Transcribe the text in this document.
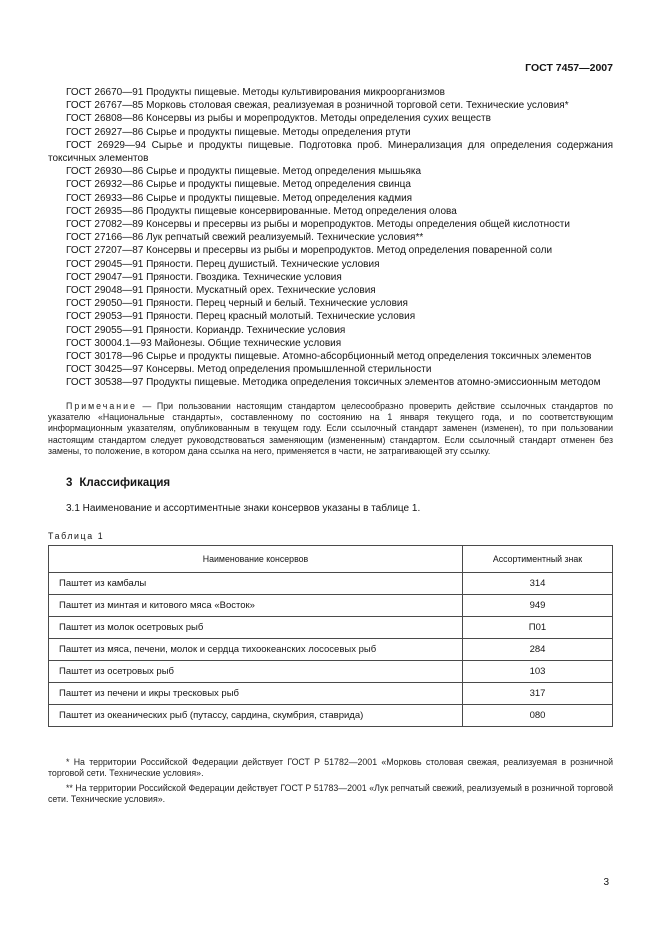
ГОСТ 7457—2007

ГОСТ 26670—91 Продукты пищевые. Методы культивирования микроорганизмов

ГОСТ 26767—85 Морковь столовая свежая, реализуемая в розничной торговой сети. Технические условия*

ГОСТ 26808—86 Консервы из рыбы и морепродуктов. Методы определения сухих веществ

ГОСТ 26927—86 Сырье и продукты пищевые. Методы определения ртути

ГОСТ 26929—94 Сырье и продукты пищевые. Подготовка проб. Минерализация для определения содержания токсичных элементов

ГОСТ 26930—86 Сырье и продукты пищевые. Метод определения мышьяка

ГОСТ 26932—86 Сырье и продукты пищевые. Метод определения свинца

ГОСТ 26933—86 Сырье и продукты пищевые. Метод определения кадмия

ГОСТ 26935—86 Продукты пищевые консервированные. Метод определения олова

ГОСТ 27082—89 Консервы и пресервы из рыбы и морепродуктов. Методы определения общей кислотности

ГОСТ 27166—86 Лук репчатый свежий реализуемый. Технические условия**

ГОСТ 27207—87 Консервы и пресервы из рыбы и морепродуктов. Метод определения поваренной соли

ГОСТ 29045—91 Пряности. Перец душистый. Технические условия

ГОСТ 29047—91 Пряности. Гвоздика. Технические условия

ГОСТ 29048—91 Пряности. Мускатный орех. Технические условия

ГОСТ 29050—91 Пряности. Перец черный и белый. Технические условия

ГОСТ 29053—91 Пряности. Перец красный молотый. Технические условия

ГОСТ 29055—91 Пряности. Кориандр. Технические условия

ГОСТ 30004.1—93 Майонезы. Общие технические условия

ГОСТ 30178—96 Сырье и продукты пищевые. Атомно-абсорбционный метод определения токсичных элементов

ГОСТ 30425—97 Консервы. Метод определения промышленной стерильности

ГОСТ 30538—97 Продукты пищевые. Методика определения токсичных элементов атомно-эмиссионным методом

Примечание — При пользовании настоящим стандартом целесообразно проверить действие ссылочных стандартов по указателю «Национальные стандарты», составленному по состоянию на 1 января текущего года, и по соответствующим информационным указателям, опубликованным в текущем году. Если ссылочный стандарт заменен (изменен), то при пользовании настоящим стандартом следует руководствоваться заменяющим (измененным) стандартом. Если ссылочный стандарт отменен без замены, то положение, в котором дана ссылка на него, применяется в части, не затрагивающей эту ссылку.

3 Классификация

3.1 Наименование и ассортиментные знаки консервов указаны в таблице 1.

Таблица 1
Наименование консервов	Ассортиментный знак
Паштет из камбалы	314
Паштет из минтая и китового мяса «Восток»	949
Паштет из молок осетровых рыб	П01
Паштет из мяса, печени, молок и сердца тихоокеанских лососевых рыб	284
Паштет из осетровых рыб	103
Паштет из печени и икры тресковых рыб	317
Паштет из океанических рыб (путассу, сардина, скумбрия, ставрида)	080

* На территории Российской Федерации действует ГОСТ Р 51782—2001 «Морковь столовая свежая, реализуемая в розничной торговой сети. Технические условия».

** На территории Российской Федерации действует ГОСТ Р 51783—2001 «Лук репчатый свежий, реализуемый в розничной торговой сети. Технические условия».

3
